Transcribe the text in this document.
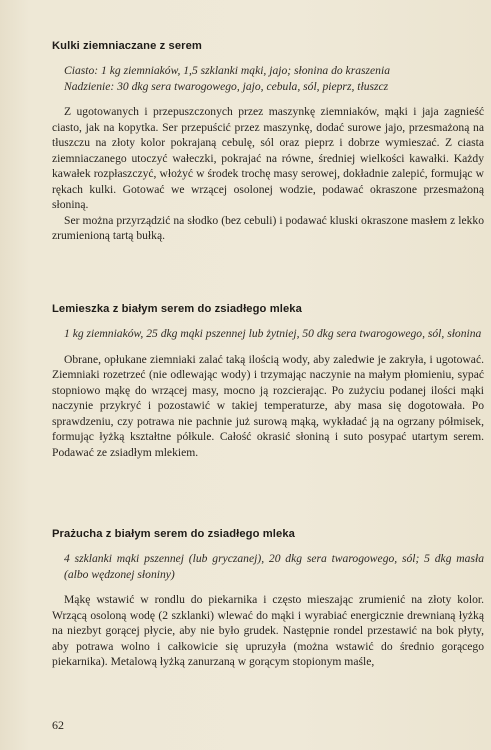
Kulki ziemniaczane z serem
Ciasto: 1 kg ziemniaków, 1,5 szklanki mąki, jajo; słonina do kraszenia
Nadzienie: 30 dkg sera twarogowego, jajo, cebula, sól, pieprz, tłuszcz

Z ugotowanych i przepuszczonych przez maszynkę ziemniaków, mąki i jaja zagnieść ciasto, jak na kopytka. Ser przepuścić przez maszynkę, dodać surowe jajo, przesmażoną na tłuszczu na złoty kolor pokrajaną cebulę, sól oraz pieprz i dobrze wymieszać. Z ciasta ziemniaczanego utoczyć wałeczki, pokrajać na równe, średniej wielkości kawałki. Każdy kawałek rozpłaszczyć, włożyć w środek trochę masy serowej, dokładnie zalepić, formując w rękach kulki. Gotować we wrzącej osolonej wodzie, podawać okraszone przesmażoną słoniną.

Ser można przyrządzić na słodko (bez cebuli) i podawać kluski okraszone masłem z lekko zrumienioną tartą bułką.

Lemieszka z białym serem do zsiadłego mleka
1 kg ziemniaków, 25 dkg mąki pszennej lub żytniej, 50 dkg sera twarogowego, sól, słonina

Obrane, opłukane ziemniaki zalać taką ilością wody, aby zaledwie je zakryła, i ugotować. Ziemniaki rozetrzeć (nie odlewając wody) i trzymając naczynie na małym płomieniu, sypać stopniowo mąkę do wrzącej masy, mocno ją rozcierając. Po zużyciu podanej ilości mąki naczynie przykryć i pozostawić w takiej temperaturze, aby masa się dogotowała. Po sprawdzeniu, czy potrawa nie pachnie już surową mąką, wykładać ją na ogrzany półmisek, formując łyżką kształtne półkule. Całość okrasić słoniną i suto posypać utartym serem. Podawać ze zsiadłym mlekiem.

Prażucha z białym serem do zsiadłego mleka
4 szklanki mąki pszennej (lub gryczanej), 20 dkg sera twarogowego, sól; 5 dkg masła (albo wędzonej słoniny)

Mąkę wstawić w rondlu do piekarnika i często mieszając zrumienić na złoty kolor. Wrzącą osoloną wodę (2 szklanki) wlewać do mąki i wyrabiać energicznie drewnianą łyżką na niezbyt gorącej płycie, aby nie było grudek. Następnie rondel przestawić na bok płyty, aby potrawa wolno i całkowicie się upruzyła (można wstawić do średnio gorącego piekarnika). Metalową łyżką zanurzaną w gorącym stopionym maśle,

62
